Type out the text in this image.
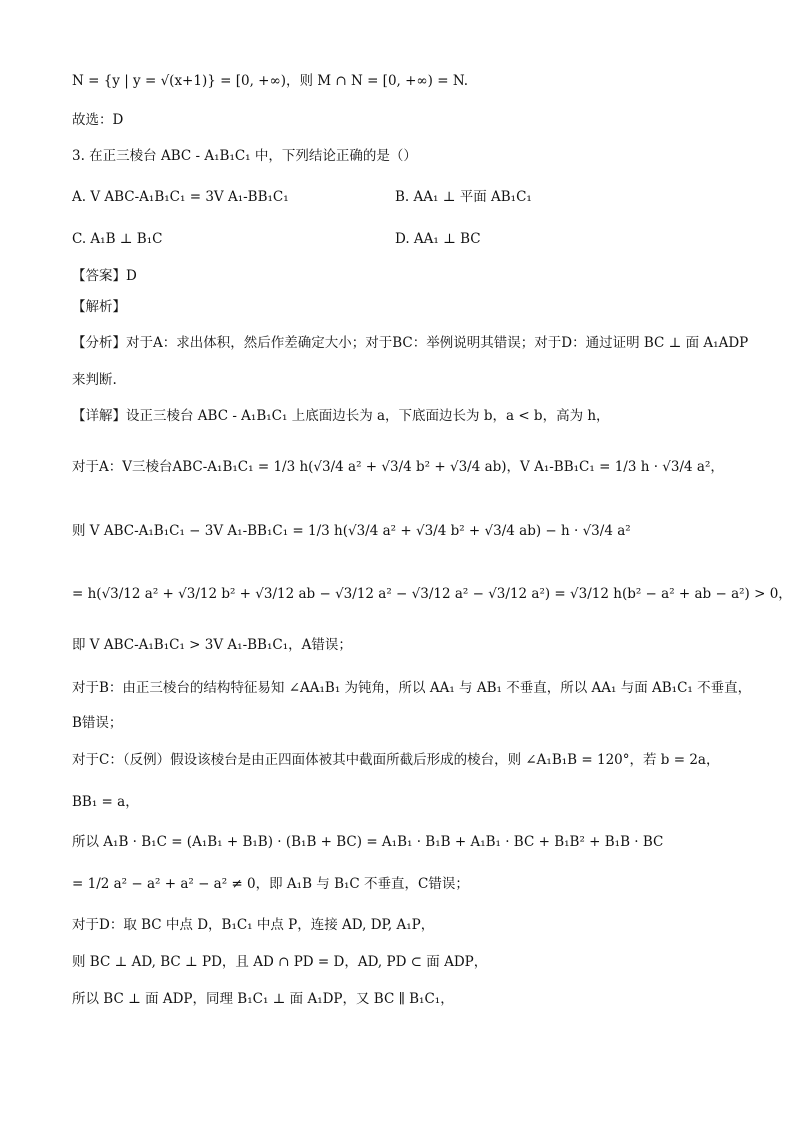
N = {y | y = √(x+1)} = [0, +∞)，则 M ∩ N = [0, +∞) = N.
故选：D
3. 在正三棱台 ABC - A₁B₁C₁ 中，下列结论正确的是（）
A. V ABC-A₁B₁C₁ = 3V A₁-BB₁C₁	B. AA₁ ⊥ 平面 AB₁C₁
C. A₁B ⊥ B₁C	D. AA₁ ⊥ BC
【答案】D
【解析】
【分析】对于A：求出体积，然后作差确定大小；对于BC：举例说明其错误；对于D：通过证明 BC ⊥ 面 A₁ADP
来判断.
【详解】设正三棱台 ABC - A₁B₁C₁ 上底面边长为 a，下底面边长为 b，a < b，高为 h，
对于A：V三棱台ABC-A₁B₁C₁ = 1/3 h(√3/4 a² + √3/4 b² + √3/4 ab)，V A₁-BB₁C₁ = 1/3 h · √3/4 a²，
则 V ABC-A₁B₁C₁ − 3V A₁-BB₁C₁ = 1/3 h(√3/4 a² + √3/4 b² + √3/4 ab) − h · √3/4 a²
= h(√3/12 a² + √3/12 b² + √3/12 ab − √3/12 a² − √3/12 a² − √3/12 a²) = √3/12 h(b² − a² + ab − a²) > 0，
即 V ABC-A₁B₁C₁ > 3V A₁-BB₁C₁，A错误；
对于B：由正三棱台的结构特征易知 ∠AA₁B₁ 为钝角，所以 AA₁ 与 AB₁ 不垂直，所以 AA₁ 与面 AB₁C₁ 不垂直，
B错误；
对于C：（反例）假设该棱台是由正四面体被其中截面所截后形成的棱台，则 ∠A₁B₁B = 120°，若 b = 2a，
BB₁ = a，
所以 A₁B · B₁C = (A₁B₁ + B₁B) · (B₁B + BC) = A₁B₁ · B₁B + A₁B₁ · BC + B₁B² + B₁B · BC
= 1/2 a² − a² + a² − a² ≠ 0，即 A₁B 与 B₁C 不垂直，C错误；
对于D：取 BC 中点 D，B₁C₁ 中点 P，连接 AD, DP, A₁P，
则 BC ⊥ AD, BC ⊥ PD，且 AD ∩ PD = D，AD, PD ⊂ 面 ADP，
所以 BC ⊥ 面 ADP，同理 B₁C₁ ⊥ 面 A₁DP，又 BC ∥ B₁C₁，
